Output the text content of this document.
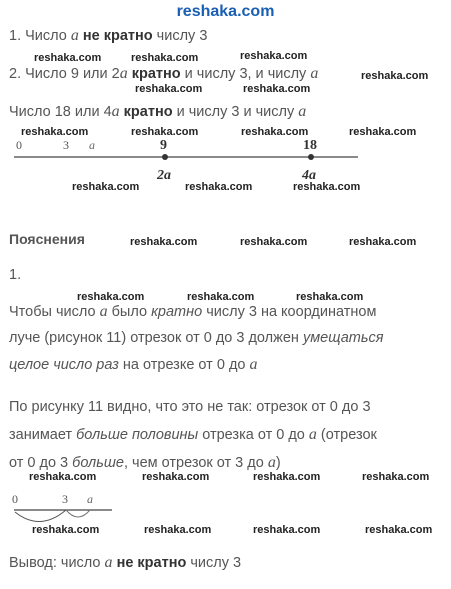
reshaka.com
1. Число a не кратно числу 3
reshaka.com	reshaka.com	reshaka.com
2. Число 9 или 2a кратно и числу 3, и числу a	reshaka.com
reshaka.com	reshaka.com
Число 18 или 4a кратно и числу 3 и числу a
reshaka.com	reshaka.com	reshaka.com	reshaka.com
0	3 a	9	18
2a	4a
reshaka.com	reshaka.com	reshaka.com
Пояснения	reshaka.com	reshaka.com	reshaka.com
1.
reshaka.com	reshaka.com	reshaka.com
Чтобы число a было кратно числу 3 на координатном
луче (рисунок 11) отрезок от 0 до 3 должен умещаться
целое число раз на отрезке от 0 до a
По рисунку 11 видно, что это не так: отрезок от 0 до 3
занимает больше половины отрезка от 0 до a (отрезок
от 0 до 3 больше, чем отрезок от 3 до a)
reshaka.com	reshaka.com	reshaka.com	reshaka.com
0	3 a
reshaka.com	reshaka.com	reshaka.com	reshaka.com
Вывод: число a не кратно числу 3
